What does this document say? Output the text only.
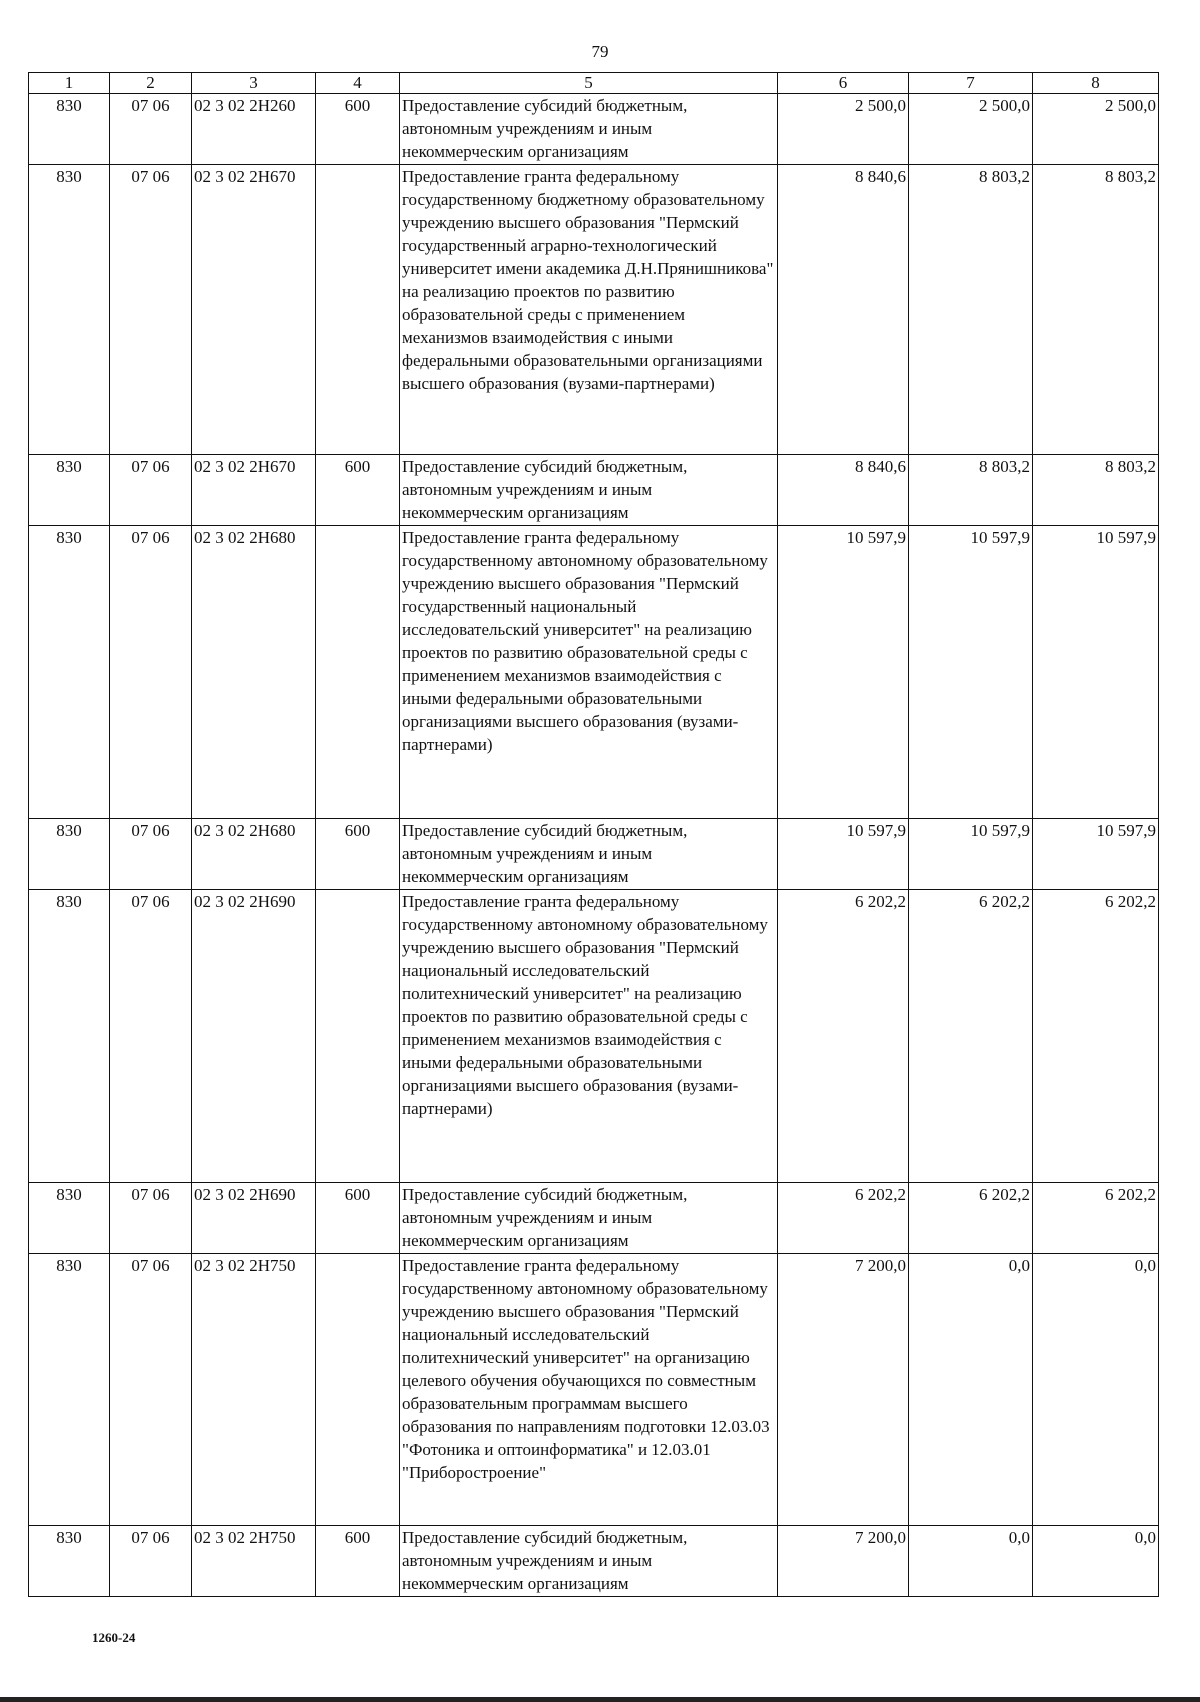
79
1	2	3	4	5	6	7	8
830	07 06	02 3 02 2Н260	600	Предоставление субсидий бюджетным, автономным учреждениям и иным некоммерческим организациям	2 500,0	2 500,0	2 500,0
830	07 06	02 3 02 2Н670		Предоставление гранта федеральному государственному бюджетному образовательному учреждению высшего образования "Пермский государственный аграрно-технологический университет имени академика Д.Н.Прянишникова" на реализацию проектов по развитию образовательной среды с применением механизмов взаимодействия с иными федеральными образовательными организациями высшего образования (вузами-партнерами)	8 840,6	8 803,2	8 803,2
830	07 06	02 3 02 2Н670	600	Предоставление субсидий бюджетным, автономным учреждениям и иным некоммерческим организациям	8 840,6	8 803,2	8 803,2
830	07 06	02 3 02 2Н680		Предоставление гранта федеральному государственному автономному образовательному учреждению высшего образования "Пермский государственный национальный исследовательский университет" на реализацию проектов по развитию образовательной среды с применением механизмов взаимодействия с иными федеральными образовательными организациями высшего образования (вузами-партнерами)	10 597,9	10 597,9	10 597,9
830	07 06	02 3 02 2Н680	600	Предоставление субсидий бюджетным, автономным учреждениям и иным некоммерческим организациям	10 597,9	10 597,9	10 597,9
830	07 06	02 3 02 2Н690		Предоставление гранта федеральному государственному автономному образовательному учреждению высшего образования "Пермский национальный исследовательский политехнический университет" на реализацию проектов по развитию образовательной среды с применением механизмов взаимодействия с иными федеральными образовательными организациями высшего образования (вузами-партнерами)	6 202,2	6 202,2	6 202,2
830	07 06	02 3 02 2Н690	600	Предоставление субсидий бюджетным, автономным учреждениям и иным некоммерческим организациям	6 202,2	6 202,2	6 202,2
830	07 06	02 3 02 2Н750		Предоставление гранта федеральному государственному автономному образовательному учреждению высшего образования "Пермский национальный исследовательский политехнический университет" на организацию целевого обучения обучающихся по совместным образовательным программам высшего образования по направлениям подготовки 12.03.03 "Фотоника и оптоинформатика" и 12.03.01 "Приборостроение"	7 200,0	0,0	0,0
830	07 06	02 3 02 2Н750	600	Предоставление субсидий бюджетным, автономным учреждениям и иным некоммерческим организациям	7 200,0	0,0	0,0
1260-24
